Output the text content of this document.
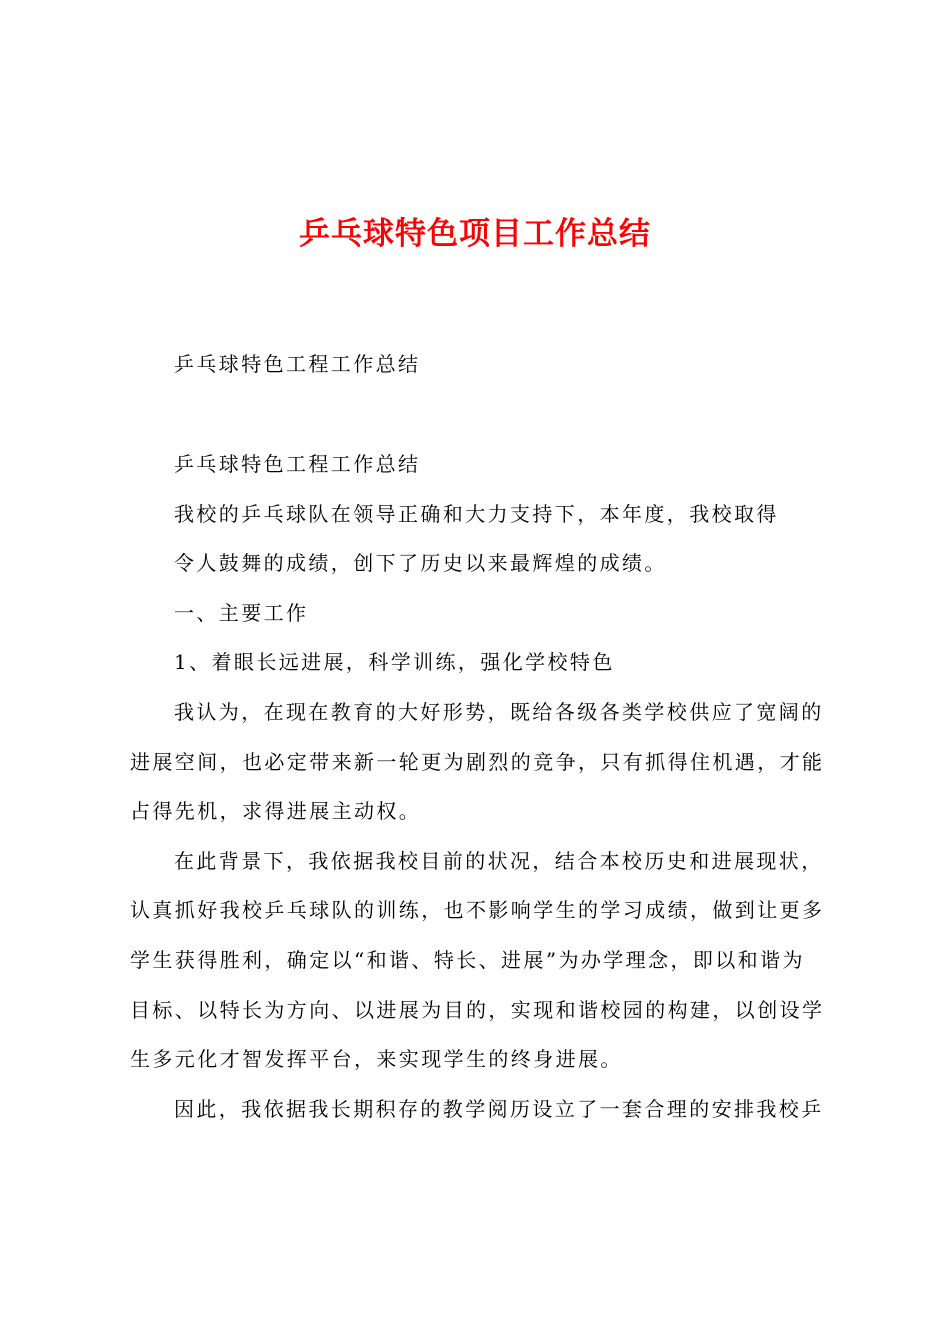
乒乓球特色项目工作总结
乒乓球特色工程工作总结
乒乓球特色工程工作总结
我校的乒乓球队在领导正确和大力支持下，本年度，我校取得
令人鼓舞的成绩，创下了历史以来最辉煌的成绩。
一、主要工作
1、着眼长远进展，科学训练，强化学校特色
我认为，在现在教育的大好形势，既给各级各类学校供应了宽阔的
进展空间，也必定带来新一轮更为剧烈的竞争，只有抓得住机遇，才能
占得先机，求得进展主动权。
在此背景下，我依据我校目前的状况，结合本校历史和进展现状，
认真抓好我校乒乓球队的训练，也不影响学生的学习成绩，做到让更多
学生获得胜利，确定以“和谐、特长、进展”为办学理念，即以和谐为
目标、以特长为方向、以进展为目的，实现和谐校园的构建，以创设学
生多元化才智发挥平台，来实现学生的终身进展。
因此，我依据我长期积存的教学阅历设立了一套合理的安排我校乒
